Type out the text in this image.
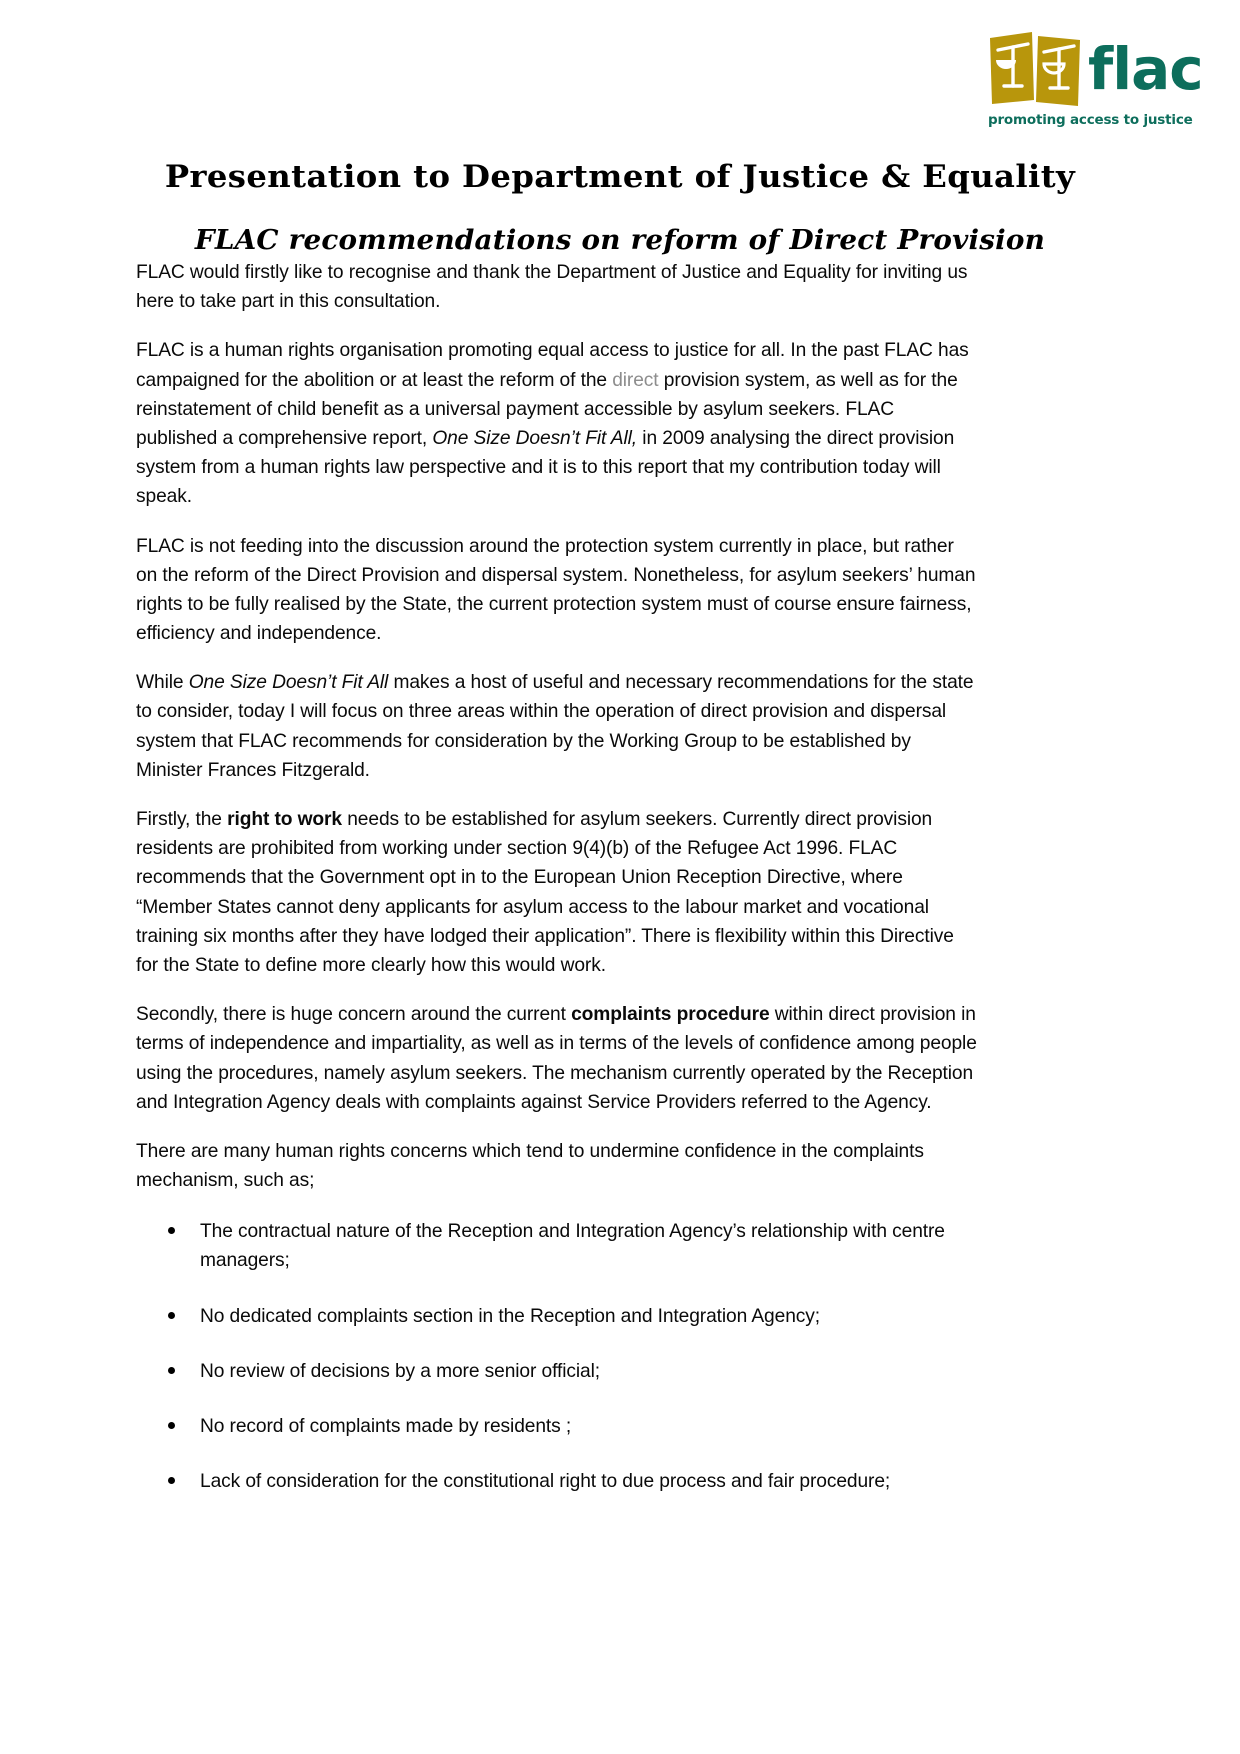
flac
promoting access to justice
Presentation to Department of Justice & Equality
FLAC recommendations on reform of Direct Provision

FLAC would firstly like to recognise and thank the Department of Justice and Equality for inviting us here to take part in this consultation.

FLAC is a human rights organisation promoting equal access to justice for all. In the past FLAC has campaigned for the abolition or at least the reform of the direct provision system, as well as for the reinstatement of child benefit as a universal payment accessible by asylum seekers. FLAC published a comprehensive report, One Size Doesn’t Fit All, in 2009 analysing the direct provision system from a human rights law perspective and it is to this report that my contribution today will speak.

FLAC is not feeding into the discussion around the protection system currently in place, but rather on the reform of the Direct Provision and dispersal system. Nonetheless, for asylum seekers’ human rights to be fully realised by the State, the current protection system must of course ensure fairness, efficiency and independence.

While One Size Doesn’t Fit All makes a host of useful and necessary recommendations for the state to consider, today I will focus on three areas within the operation of direct provision and dispersal system that FLAC recommends for consideration by the Working Group to be established by Minister Frances Fitzgerald.

Firstly, the right to work needs to be established for asylum seekers. Currently direct provision residents are prohibited from working under section 9(4)(b) of the Refugee Act 1996. FLAC recommends that the Government opt in to the European Union Reception Directive, where “Member States cannot deny applicants for asylum access to the labour market and vocational training six months after they have lodged their application”. There is flexibility within this Directive for the State to define more clearly how this would work.

Secondly, there is huge concern around the current complaints procedure within direct provision in terms of independence and impartiality, as well as in terms of the levels of confidence among people using the procedures, namely asylum seekers. The mechanism currently operated by the Reception and Integration Agency deals with complaints against Service Providers referred to the Agency.

There are many human rights concerns which tend to undermine confidence in the complaints mechanism, such as;

The contractual nature of the Reception and Integration Agency’s relationship with centre managers;
No dedicated complaints section in the Reception and Integration Agency;
No review of decisions by a more senior official;
No record of complaints made by residents ;
Lack of consideration for the constitutional right to due process and fair procedure;
